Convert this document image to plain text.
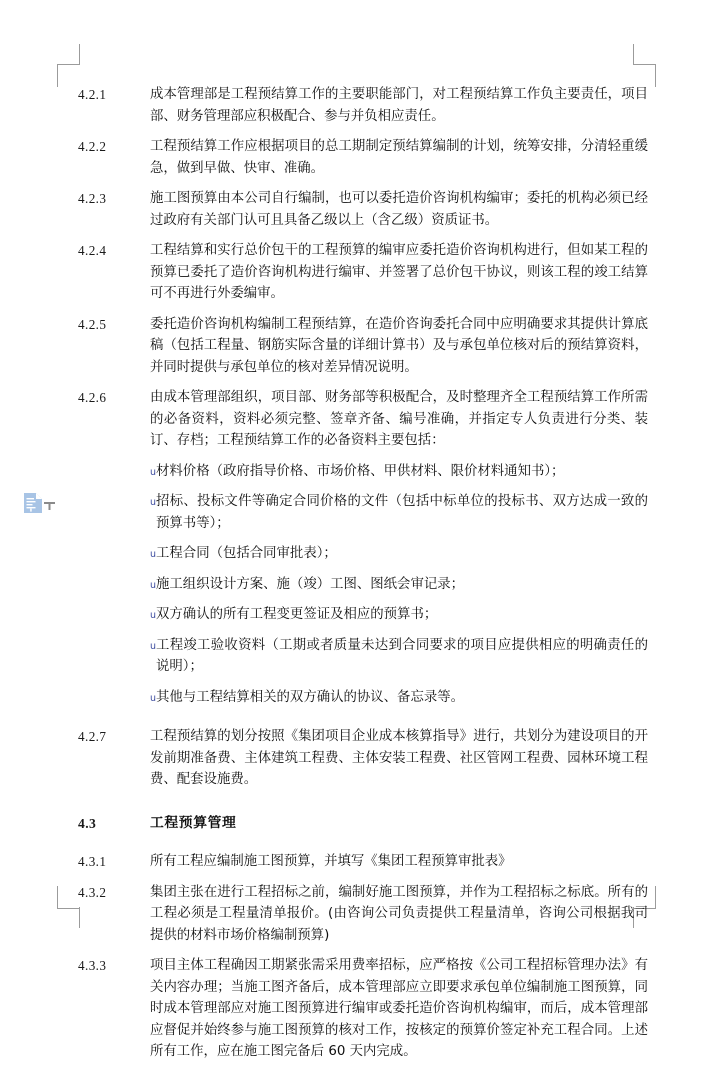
4.2.1	成本管理部是工程预结算工作的主要职能部门，对工程预结算工作负主要责任，项目部、财务管理部应积极配合、参与并负相应责任。
4.2.2	工程预结算工作应根据项目的总工期制定预结算编制的计划，统筹安排，分清轻重缓急，做到早做、快审、准确。
4.2.3	施工图预算由本公司自行编制，也可以委托造价咨询机构编审；委托的机构必须已经过政府有关部门认可且具备乙级以上（含乙级）资质证书。
4.2.4	工程结算和实行总价包干的工程预算的编审应委托造价咨询机构进行，但如某工程的预算已委托了造价咨询机构进行编审、并签署了总价包干协议，则该工程的竣工结算可不再进行外委编审。
4.2.5	委托造价咨询机构编制工程预结算，在造价咨询委托合同中应明确要求其提供计算底稿（包括工程量、钢筋实际含量的详细计算书）及与承包单位核对后的预结算资料，并同时提供与承包单位的核对差异情况说明。
4.2.6	由成本管理部组织，项目部、财务部等积极配合，及时整理齐全工程预结算工作所需的必备资料，资料必须完整、签章齐备、编号准确，并指定专人负责进行分类、装订、存档；工程预结算工作的必备资料主要包括：
u 材料价格（政府指导价格、市场价格、甲供材料、限价材料通知书）；
u 招标、投标文件等确定合同价格的文件（包括中标单位的投标书、双方达成一致的预算书等）；
u 工程合同（包括合同审批表）；
u 施工组织设计方案、施（竣）工图、图纸会审记录；
u 双方确认的所有工程变更签证及相应的预算书；
u 工程竣工验收资料（工期或者质量未达到合同要求的项目应提供相应的明确责任的说明）；
u 其他与工程结算相关的双方确认的协议、备忘录等。
4.2.7	工程预结算的划分按照《集团项目企业成本核算指导》进行，共划分为建设项目的开发前期准备费、主体建筑工程费、主体安装工程费、社区管网工程费、园林环境工程费、配套设施费。
4.3	工程预算管理
4.3.1	所有工程应编制施工图预算，并填写《集团工程预算审批表》
4.3.2	集团主张在进行工程招标之前，编制好施工图预算，并作为工程招标之标底。所有的工程必须是工程量清单报价。(由咨询公司负责提供工程量清单，咨询公司根据我司提供的材料市场价格编制预算)
4.3.3	项目主体工程确因工期紧张需采用费率招标，应严格按《公司工程招标管理办法》有关内容办理；当施工图齐备后，成本管理部应立即要求承包单位编制施工图预算，同时成本管理部应对施工图预算进行编审或委托造价咨询机构编审，而后，成本管理部应督促并始终参与施工图预算的核对工作，按核定的预算价签定补充工程合同。上述所有工作，应在施工图完备后 60 天内完成。
